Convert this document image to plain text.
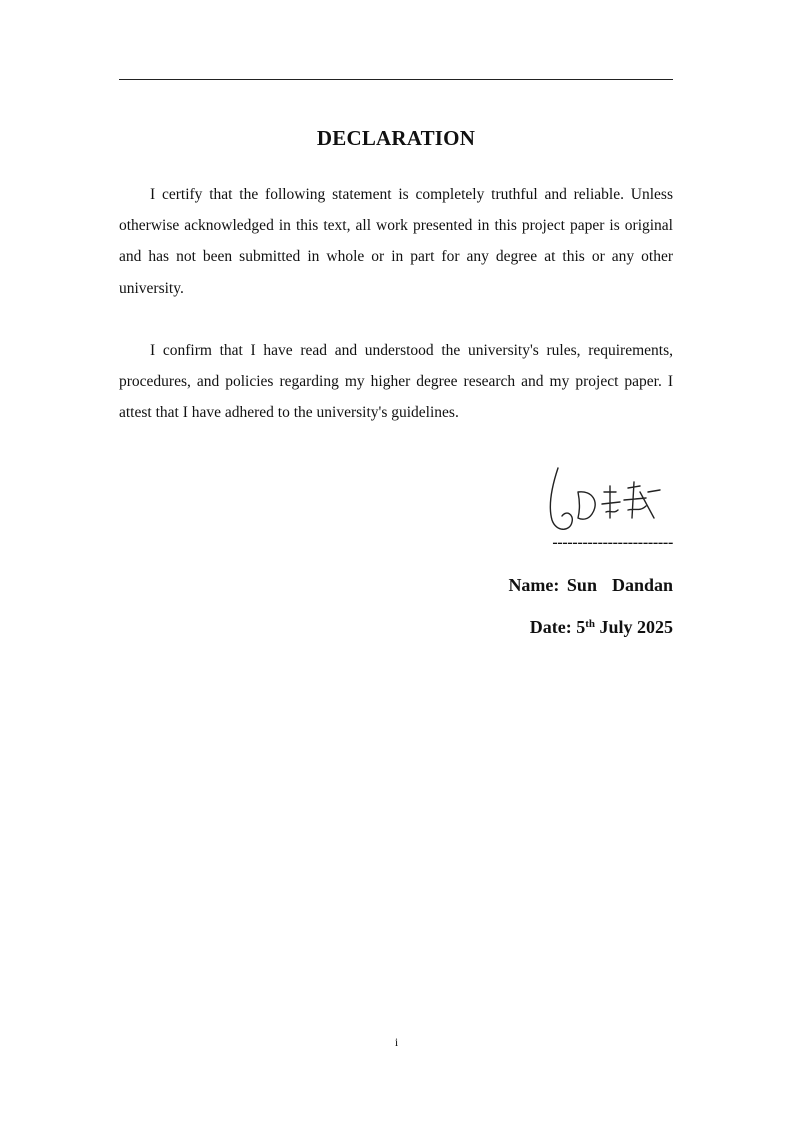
DECLARATION

I certify that the following statement is completely truthful and reliable. Unless otherwise acknowledged in this text, all work presented in this project paper is original and has not been submitted in whole or in part for any degree at this or any other university.

I confirm that I have read and understood the university's rules, requirements, procedures, and policies regarding my higher degree research and my project paper. I attest that I have adhered to the university's guidelines.

------------------------
Name: Sun  Dandan
Date: 5th July 2025
i
